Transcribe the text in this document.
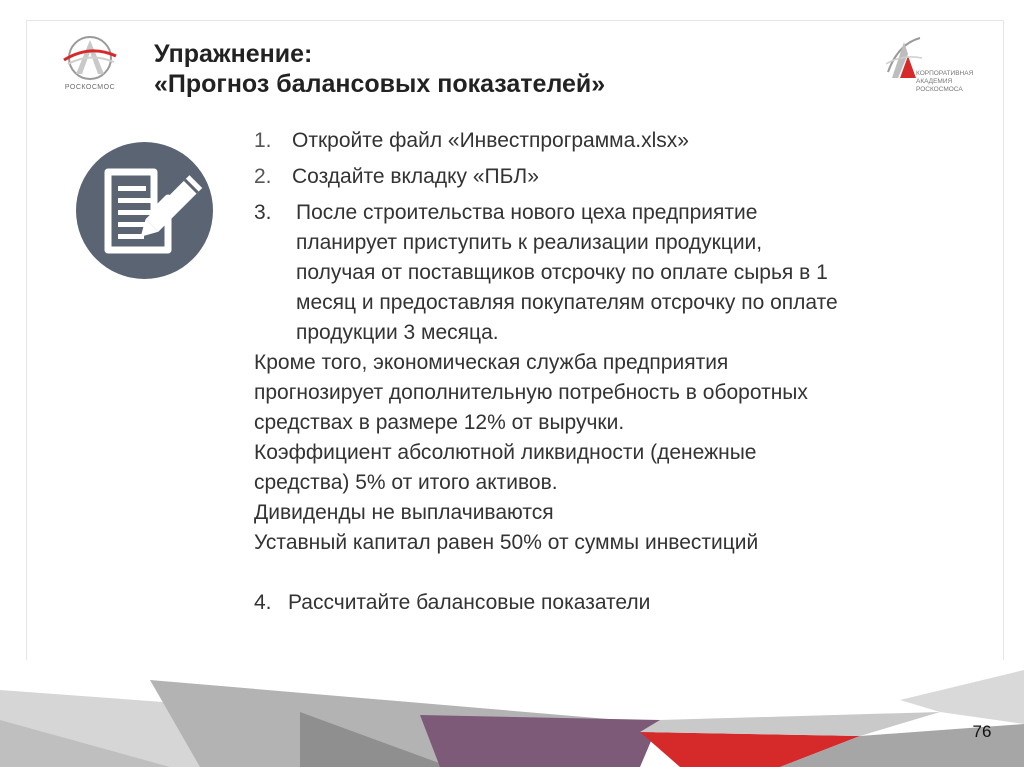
РОСКОСМОС
Упражнение:
«Прогноз балансовых показателей»	КОРПОРАТИВНАЯ
АКАДЕМИЯ
РОСКОСМОСА
1. Откройте файл «Инвестпрограмма.xlsx»
2. Создайте вкладку «ПБЛ»
3. После строительства нового цеха предприятие
планирует приступить к реализации продукции,
получая от поставщиков отсрочку по оплате сырья в 1
месяц и предоставляя покупателям отсрочку по оплате
продукции 3 месяца.
Кроме того, экономическая служба предприятия
прогнозирует дополнительную потребность в оборотных
средствах в размере 12% от выручки.
Коэффициент абсолютной ликвидности (денежные
средства) 5% от итого активов.
Дивиденды не выплачиваются
Уставный капитал равен 50% от суммы инвестиций
4. Рассчитайте балансовые показатели
76
